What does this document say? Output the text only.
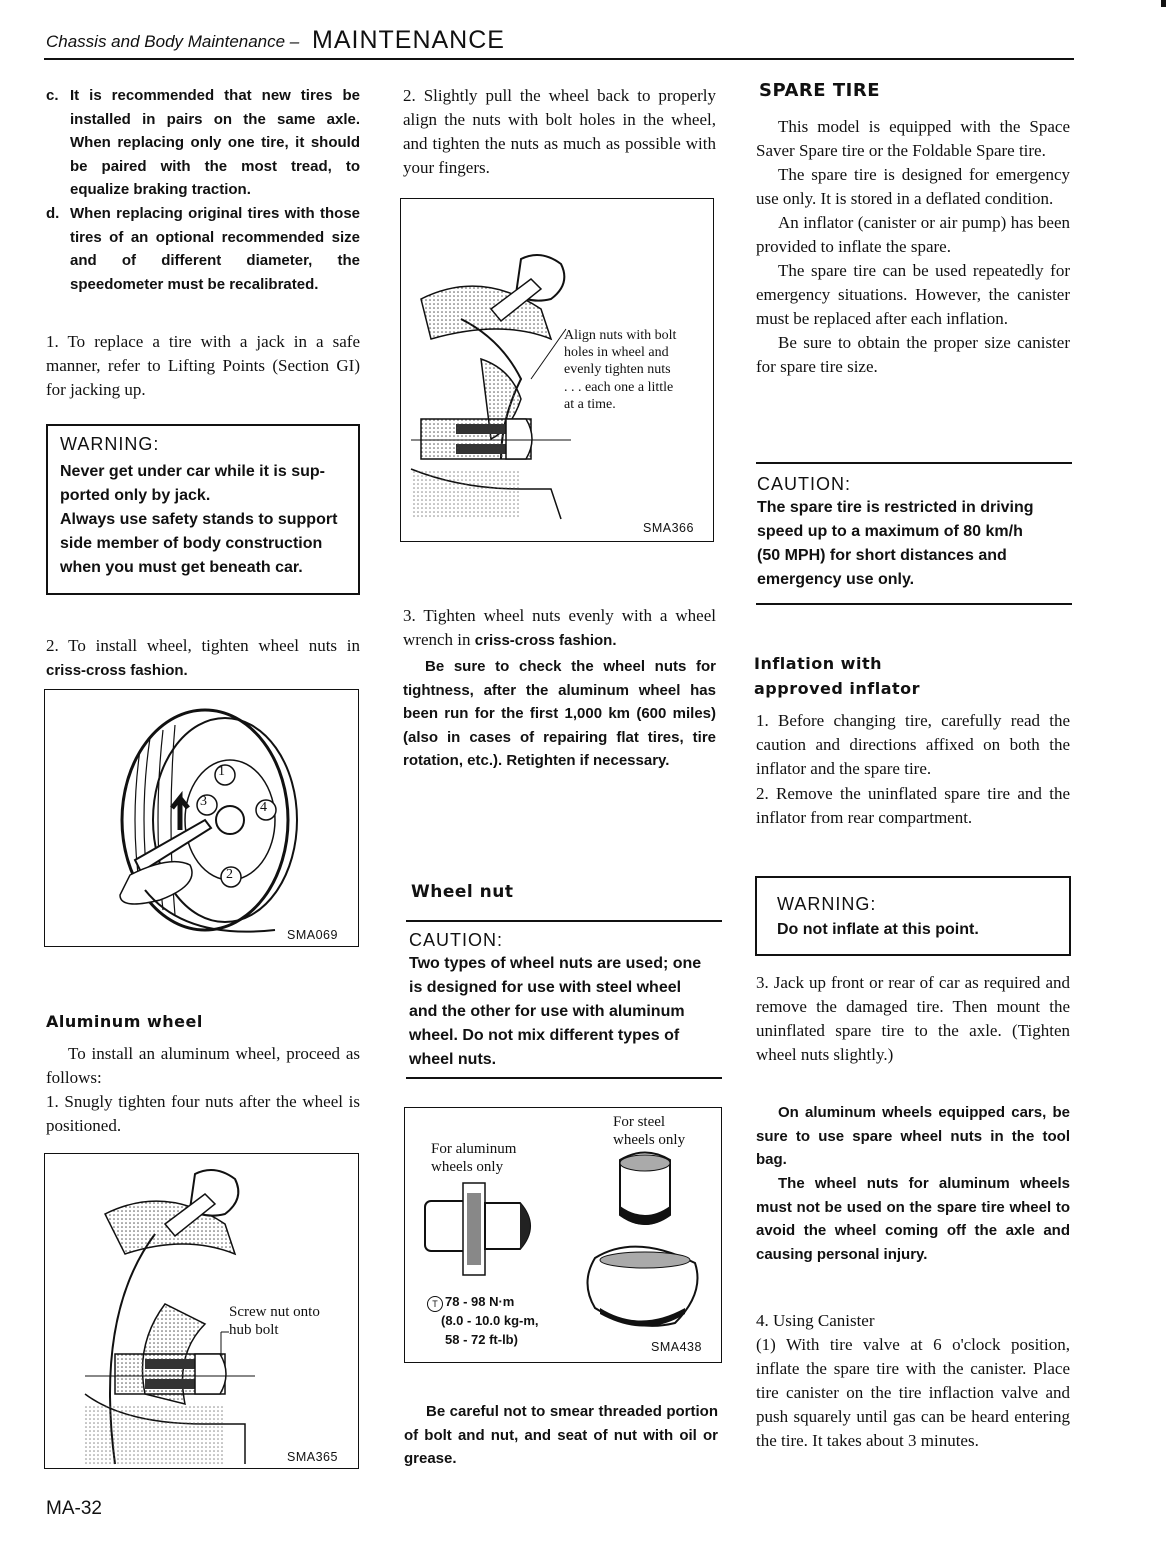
Chassis and Body Maintenance – MAINTENANCE
c. It is recommended that new tires be installed in pairs on the same axle. When replacing only one tire, it should be paired with the most tread, to equalize braking traction.
d. When replacing original tires with those tires of an optional recommended size and of different diameter, the speedometer must be recalibrated.

1. To replace a tire with a jack in a safe manner, refer to Lifting Points (Section GI) for jacking up.

WARNING:
Never get under car while it is sup-
ported only by jack.
Always use safety stands to support
side member of body construction
when you must get beneath car.

2. To install wheel, tighten wheel nuts in criss-cross fashion.

1
3	4
2
SMA069
Aluminum wheel

To install an aluminum wheel, proceed as follows:

1. Snugly tighten four nuts after the wheel is positioned.

Screw nut onto
hub bolt
SMA365

2. Slightly pull the wheel back to properly align the nuts with bolt holes in the wheel, and tighten the nuts as much as possible with your fingers.

Align nuts with bolt
holes in wheel and
evenly tighten nuts
. . . each one a little
at a time.
SMA366

3. Tighten wheel nuts evenly with a wheel wrench in criss-cross fashion.

Be sure to check the wheel nuts for tightness, after the aluminum wheel has been run for the first 1,000 km (600 miles) (also in cases of repairing flat tires, tire rotation, etc.). Retighten if necessary.

Wheel nut
CAUTION:
Two types of wheel nuts are used; one
is designed for use with steel wheel
and the other for use with aluminum
wheel. Do not mix different types of
wheel nuts.
For steel
wheels only
For aluminum
wheels only
T 78 - 98 N·m
(8.0 - 10.0 kg-m,
58 - 72 ft-lb)	SMA438

Be careful not to smear threaded portion of bolt and nut, and seat of nut with oil or grease.

SPARE TIRE

This model is equipped with the Space Saver Spare tire or the Foldable Spare tire.

The spare tire is designed for emergency use only. It is stored in a deflated condition.

An inflator (canister or air pump) has been provided to inflate the spare.

The spare tire can be used repeatedly for emergency situations. However, the canister must be replaced after each inflation.

Be sure to obtain the proper size canister for spare tire size.

CAUTION:
The spare tire is restricted in driving
speed up to a maximum of 80 km/h
(50 MPH) for short distances and
emergency use only.
Inflation with
approved inflator

1. Before changing tire, carefully read the caution and directions affixed on both the inflator and the spare tire.

2. Remove the uninflated spare tire and the inflator from rear compartment.

WARNING:
Do not inflate at this point.

3. Jack up front or rear of car as required and remove the damaged tire. Then mount the uninflated spare tire to the axle. (Tighten wheel nuts slightly.)

On aluminum wheels equipped cars, be sure to use spare wheel nuts in the tool bag.

The wheel nuts for aluminum wheels must not be used on the spare tire wheel to avoid the wheel coming off the axle and causing personal injury.

4. Using Canister

(1) With tire valve at 6 o'clock position, inflate the spare tire with the canister. Place tire canister on the tire inflaction valve and push squarely until gas can be heard entering the tire. It takes about 3 minutes.

MA-32
